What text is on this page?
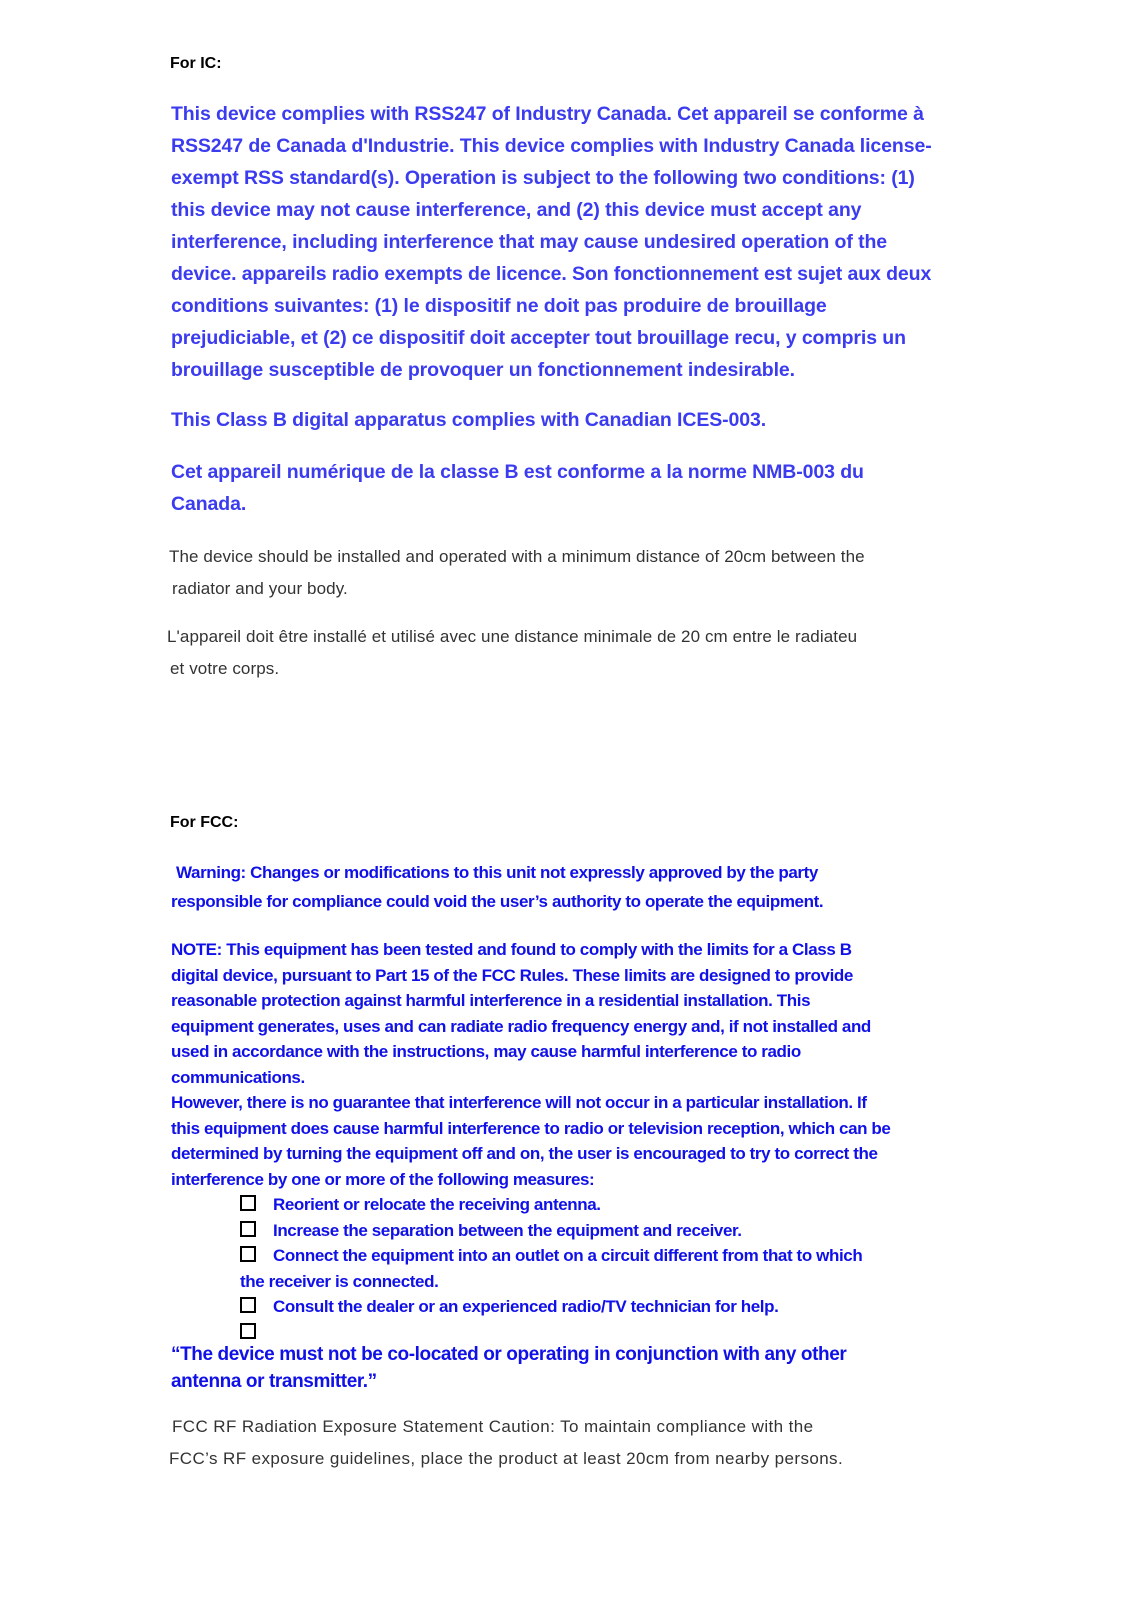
For IC:

This device complies with RSS247 of Industry Canada. Cet appareil se conforme à
RSS247 de Canada d'Industrie. This device complies with Industry Canada license-
exempt RSS standard(s). Operation is subject to the following two conditions: (1)
this device may not cause interference, and (2) this device must accept any
interference, including interference that may cause undesired operation of the
device. appareils radio exempts de licence. Son fonctionnement est sujet aux deux
conditions suivantes: (1) le dispositif ne doit pas produire de brouillage
prejudiciable, et (2) ce dispositif doit accepter tout brouillage recu, y compris un
brouillage susceptible de provoquer un fonctionnement indesirable.

This Class B digital apparatus complies with Canadian ICES-003.

Cet appareil numérique de la classe B est conforme a la norme NMB-003 du
Canada.
The device should be installed and operated with a minimum distance of 20cm between the
radiator and your body.
L'appareil doit être installé et utilisé avec une distance minimale de 20 cm entre le radiateu
et votre corps.

For FCC:

Warning: Changes or modifications to this unit not expressly approved by the party
responsible for compliance could void the user’s authority to operate the equipment.
NOTE: This equipment has been tested and found to comply with the limits for a Class B
digital device, pursuant to Part 15 of the FCC Rules. These limits are designed to provide
reasonable protection against harmful interference in a residential installation. This
equipment generates, uses and can radiate radio frequency energy and, if not installed and
used in accordance with the instructions, may cause harmful interference to radio
communications.
However, there is no guarantee that interference will not occur in a particular installation. If
this equipment does cause harmful interference to radio or television reception, which can be
determined by turning the equipment off and on, the user is encouraged to try to correct the
interference by one or more of the following measures:
Reorient or relocate the receiving antenna.
Increase the separation between the equipment and receiver.
Connect the equipment into an outlet on a circuit different from that to which
the receiver is connected.
Consult the dealer or an experienced radio/TV technician for help.
“The device must not be co-located or operating in conjunction with any other
antenna or transmitter.”
FCC RF Radiation Exposure Statement Caution: To maintain compliance with the
FCC’s RF exposure guidelines, place the product at least 20cm from nearby persons.
